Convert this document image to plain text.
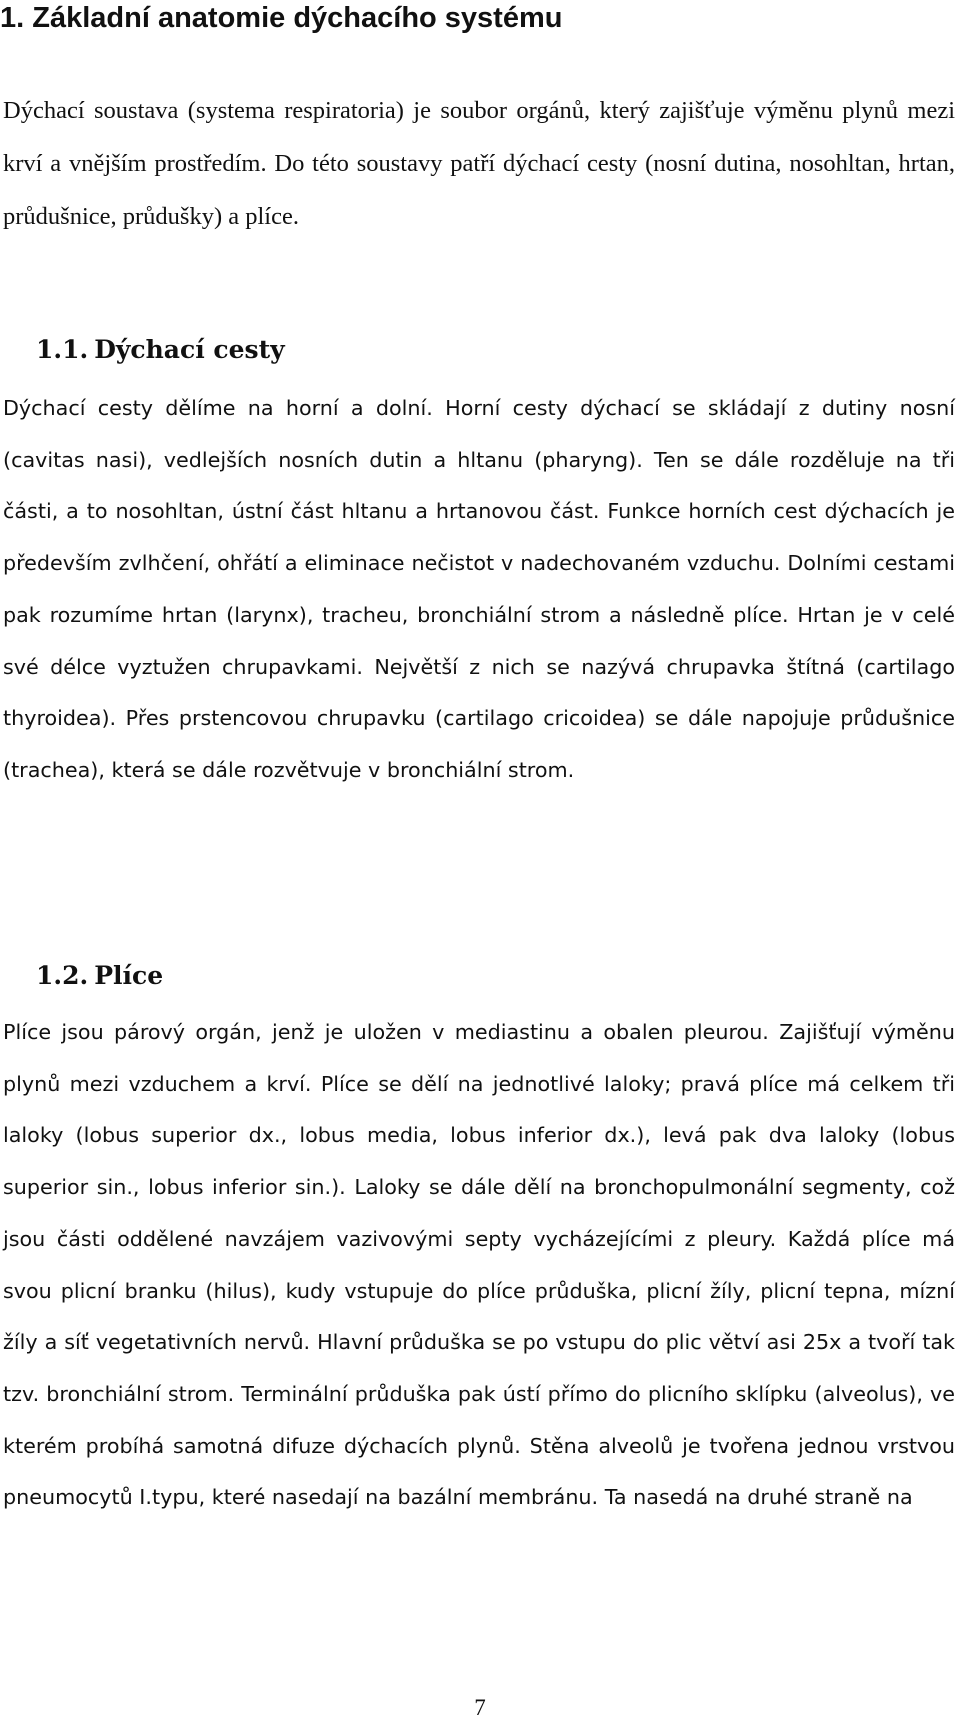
1. Základní anatomie dýchacího systému

Dýchací soustava (systema respiratoria) je soubor orgánů, který zajišťuje výměnu plynů mezi krví a vnějším prostředím. Do této soustavy patří dýchací cesty (nosní dutina, nosohltan, hrtan, průdušnice, průdušky) a plíce.

1.1. Dýchací cesty

Dýchací cesty dělíme na horní a dolní. Horní cesty dýchací se skládají z dutiny nosní (cavitas nasi), vedlejších nosních dutin a hltanu (pharyng). Ten se dále rozděluje na tři části, a to nosohltan, ústní část hltanu a hrtanovou část. Funkce horních cest dýchacích je především zvlhčení, ohřátí a eliminace nečistot v nadechovaném vzduchu. Dolními cestami pak rozumíme hrtan (larynx), tracheu, bronchiální strom a následně plíce. Hrtan je v celé své délce vyztužen chrupavkami. Největší z nich se nazývá chrupavka štítná (cartilago thyroidea). Přes prstencovou chrupavku (cartilago cricoidea) se dále napojuje průdušnice (trachea), která se dále rozvětvuje v bronchiální strom.

1.2. Plíce

Plíce jsou párový orgán, jenž je uložen v mediastinu a obalen pleurou. Zajišťují výměnu plynů mezi vzduchem a krví. Plíce se dělí na jednotlivé laloky; pravá plíce má celkem tři laloky (lobus superior dx., lobus media, lobus inferior dx.), levá pak dva laloky (lobus superior sin., lobus inferior sin.). Laloky se dále dělí na bronchopulmonální segmenty, což jsou části oddělené navzájem vazivovými septy vycházejícími z pleury. Každá plíce má svou plicní branku (hilus), kudy vstupuje do plíce průduška, plicní žíly, plicní tepna, mízní žíly a síť vegetativních nervů. Hlavní průduška se po vstupu do plic větví asi 25x a tvoří tak tzv. bronchiální strom. Terminální průduška pak ústí přímo do plicního sklípku (alveolus), ve kterém probíhá samotná difuze dýchacích plynů. Stěna alveolů je tvořena jednou vrstvou pneumocytů I.typu, které nasedají na bazální membránu. Ta nasedá na druhé straně na

7
